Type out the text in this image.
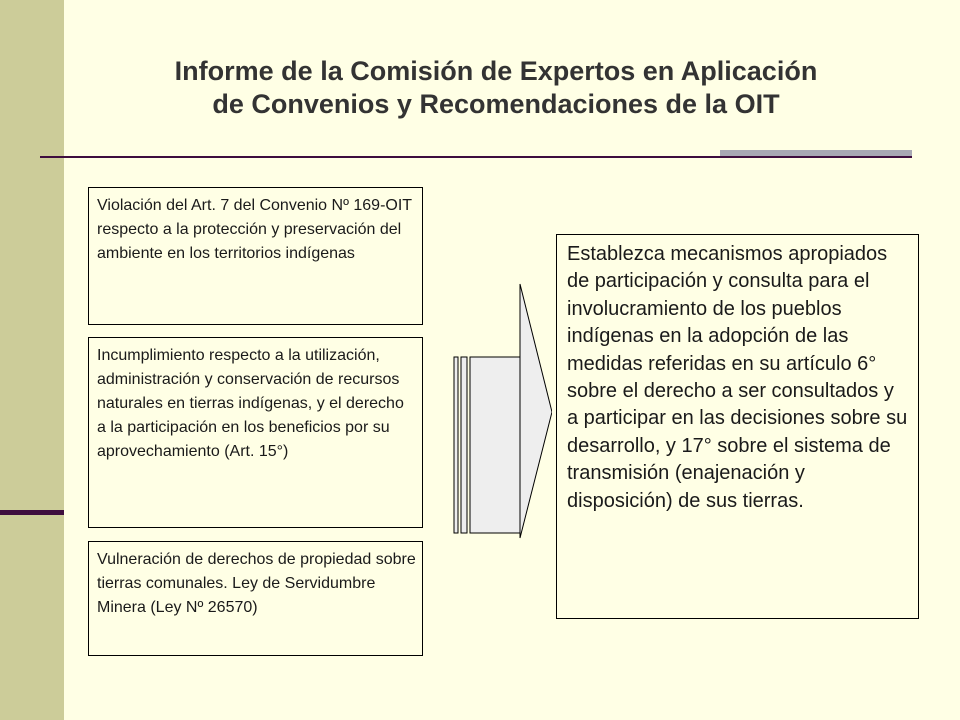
Informe de la Comisión de Expertos en Aplicación
de Convenios y Recomendaciones de la OIT
Violación del Art. 7 del Convenio Nº 169-OIT respecto a la protección y preservación del ambiente en los territorios indígenas
Incumplimiento respecto a la utilización, administración y conservación de recursos naturales en tierras indígenas, y el derecho a la participación en los beneficios por su aprovechamiento (Art. 15°)
Vulneración de derechos de propiedad sobre tierras comunales. Ley de Servidumbre Minera (Ley Nº 26570)
Establezca mecanismos apropiados de participación y consulta para el involucramiento de los pueblos indígenas en la adopción de las medidas referidas en su artículo 6° sobre el derecho a ser consultados y a participar en las decisiones sobre su desarrollo, y 17° sobre el sistema de transmisión (enajenación y disposición) de sus tierras.
